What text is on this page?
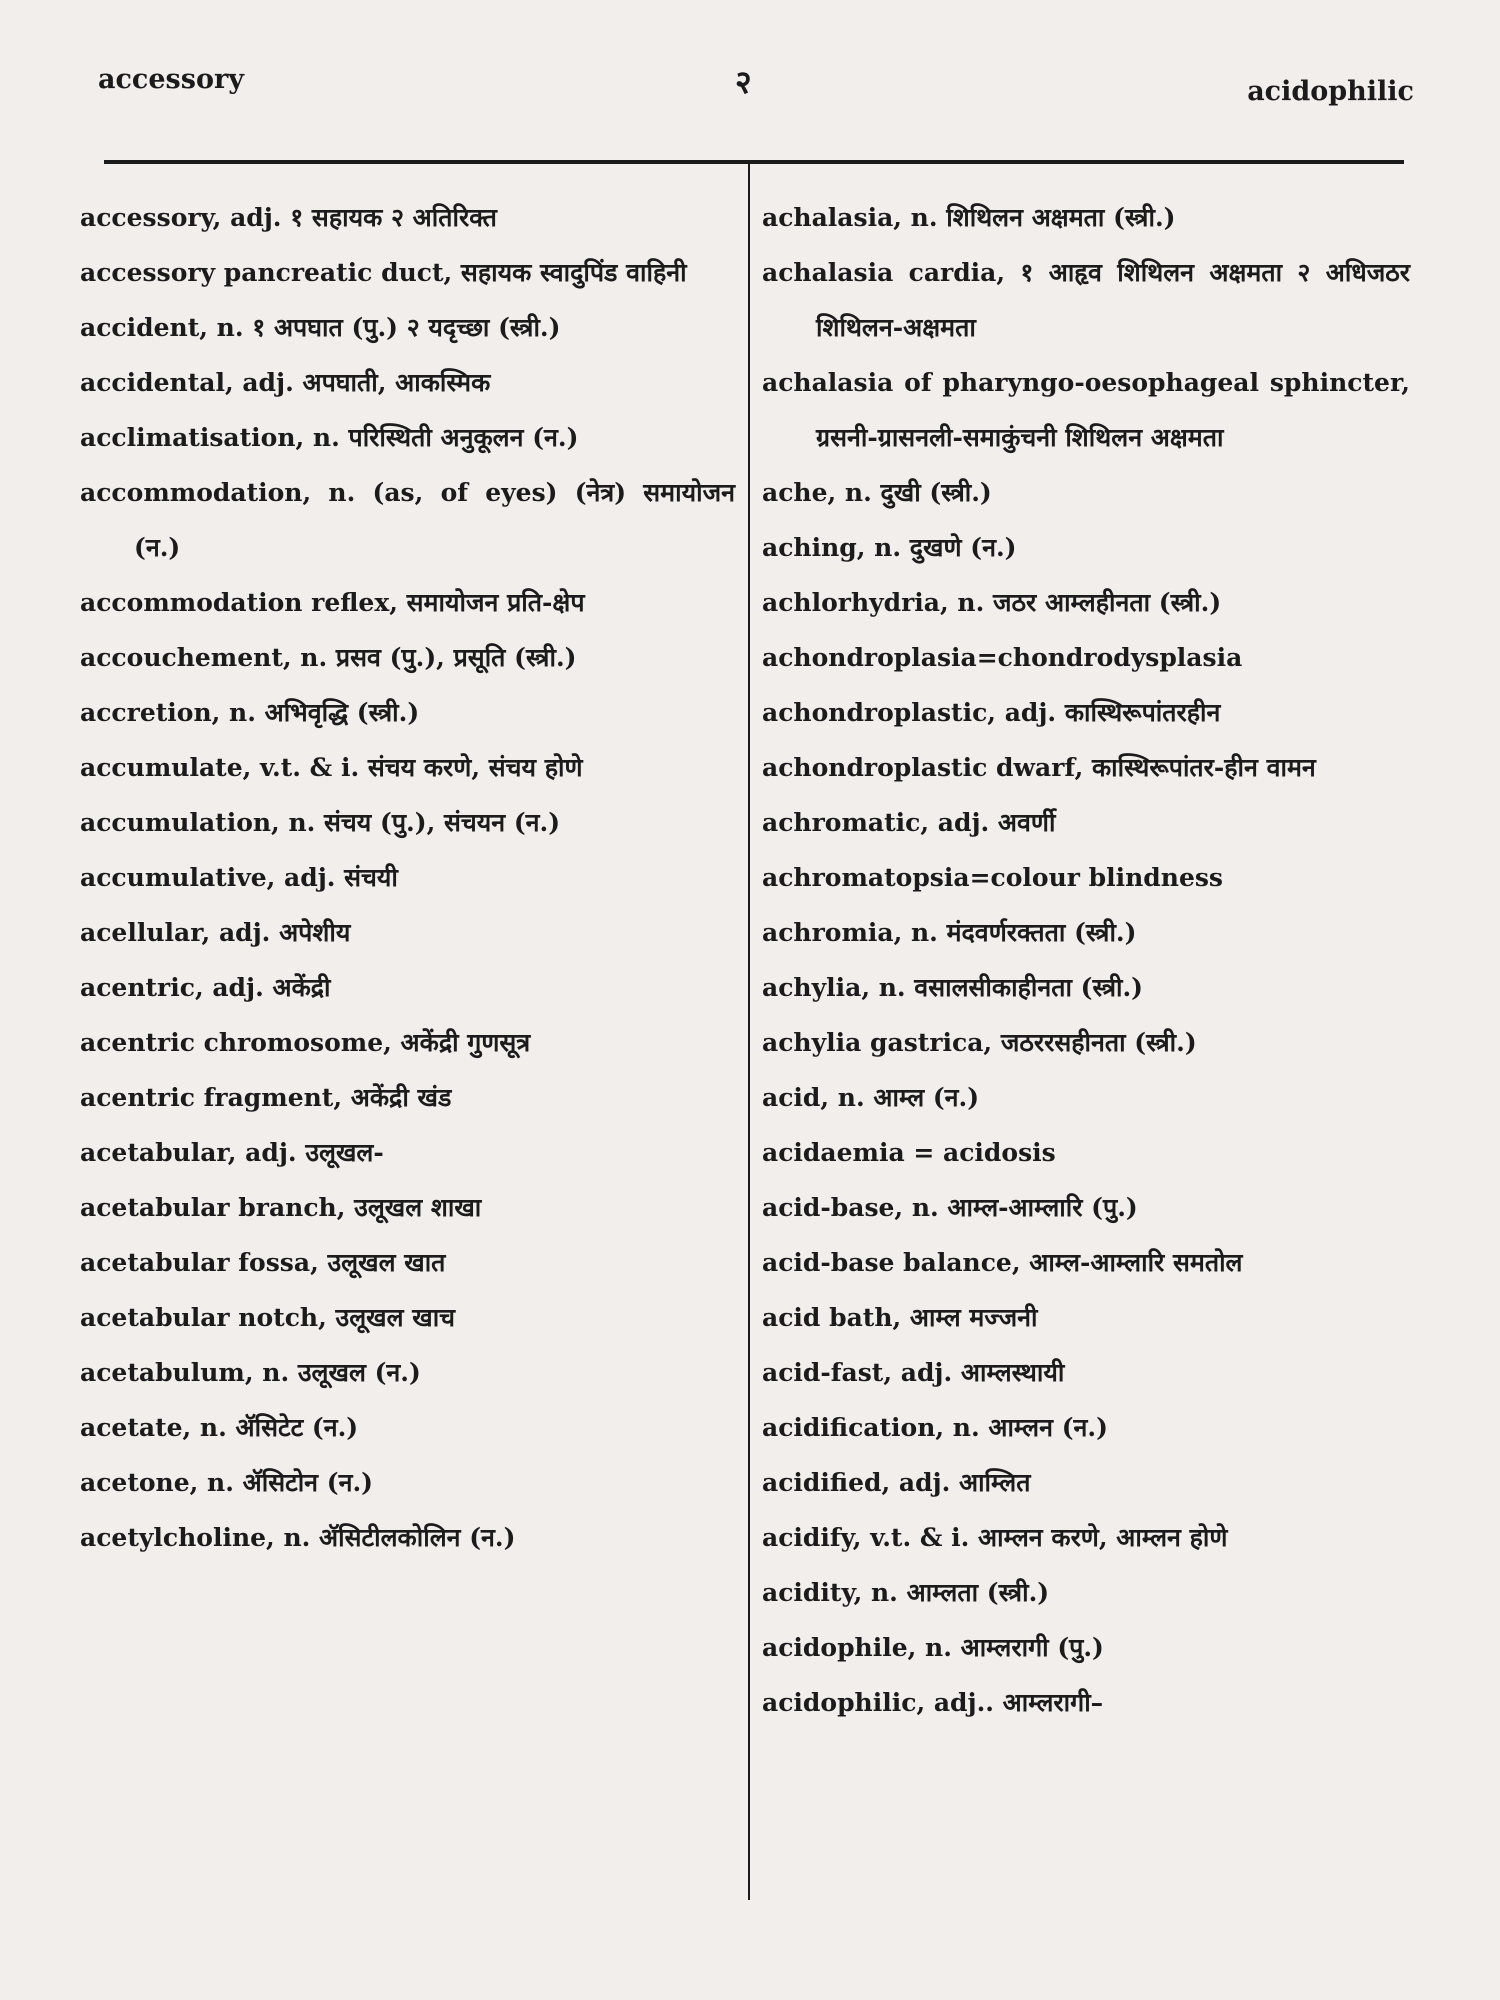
accessory	२	acidophilic
accessory, adj. १ सहायक २ अतिरिक्त
accessory pancreatic duct, सहायक स्वादुपिंड वाहिनी
accident, n. १ अपघात (पु.) २ यदृच्छा (स्त्री.)
accidental, adj. अपघाती, आकस्मिक
acclimatisation, n. परिस्थिती अनुकूलन (न.)
accommodation, n. (as, of eyes) (नेत्र) समायोजन (न.)
accommodation reflex, समायोजन प्रति-क्षेप
accouchement, n. प्रसव (पु.), प्रसूति (स्त्री.)
accretion, n. अभिवृद्धि (स्त्री.)
accumulate, v.t. & i. संचय करणे, संचय होणे
accumulation, n. संचय (पु.), संचयन (न.)
accumulative, adj. संचयी
acellular, adj. अपेशीय
acentric, adj. अकेंद्री
acentric chromosome, अकेंद्री गुणसूत्र
acentric fragment, अकेंद्री खंड
acetabular, adj. उलूखल-
acetabular branch, उलूखल शाखा
acetabular fossa, उलूखल खात
acetabular notch, उलूखल खाच
acetabulum, n. उलूखल (न.)
acetate, n. ॲसिटेट (न.)
acetone, n. ॲसिटोन (न.)
acetylcholine, n. ॲसिटीलकोलिन (न.)
achalasia, n. शिथिलन अक्षमता (स्त्री.)
achalasia cardia, १ आहृव शिथिलन अक्षमता २ अधिजठर शिथिलन-अक्षमता
achalasia of pharyngo-oesophageal sphincter, ग्रसनी-ग्रासनली-समाकुंचनी शिथिलन अक्षमता
ache, n. दुखी (स्त्री.)
aching, n. दुखणे (न.)
achlorhydria, n. जठर आम्लहीनता (स्त्री.)
achondroplasia=chondrodysplasia
achondroplastic, adj. कास्थिरूपांतरहीन
achondroplastic dwarf, कास्थिरूपांतर-हीन वामन
achromatic, adj. अवर्णी
achromatopsia=colour blindness
achromia, n. मंदवर्णरक्तता (स्त्री.)
achylia, n. वसालसीकाहीनता (स्त्री.)
achylia gastrica, जठररसहीनता (स्त्री.)
acid, n. आम्ल (न.)
acidaemia = acidosis
acid-base, n. आम्ल-आम्लारि (पु.)
acid-base balance, आम्ल-आम्लारि समतोल
acid bath, आम्ल मज्जनी
acid-fast, adj. आम्लस्थायी
acidification, n. आम्लन (न.)
acidified, adj. आम्लित
acidify, v.t. & i. आम्लन करणे, आम्लन होणे
acidity, n. आम्लता (स्त्री.)
acidophile, n. आम्लरागी (पु.)
acidophilic, adj.. आम्लरागी–
